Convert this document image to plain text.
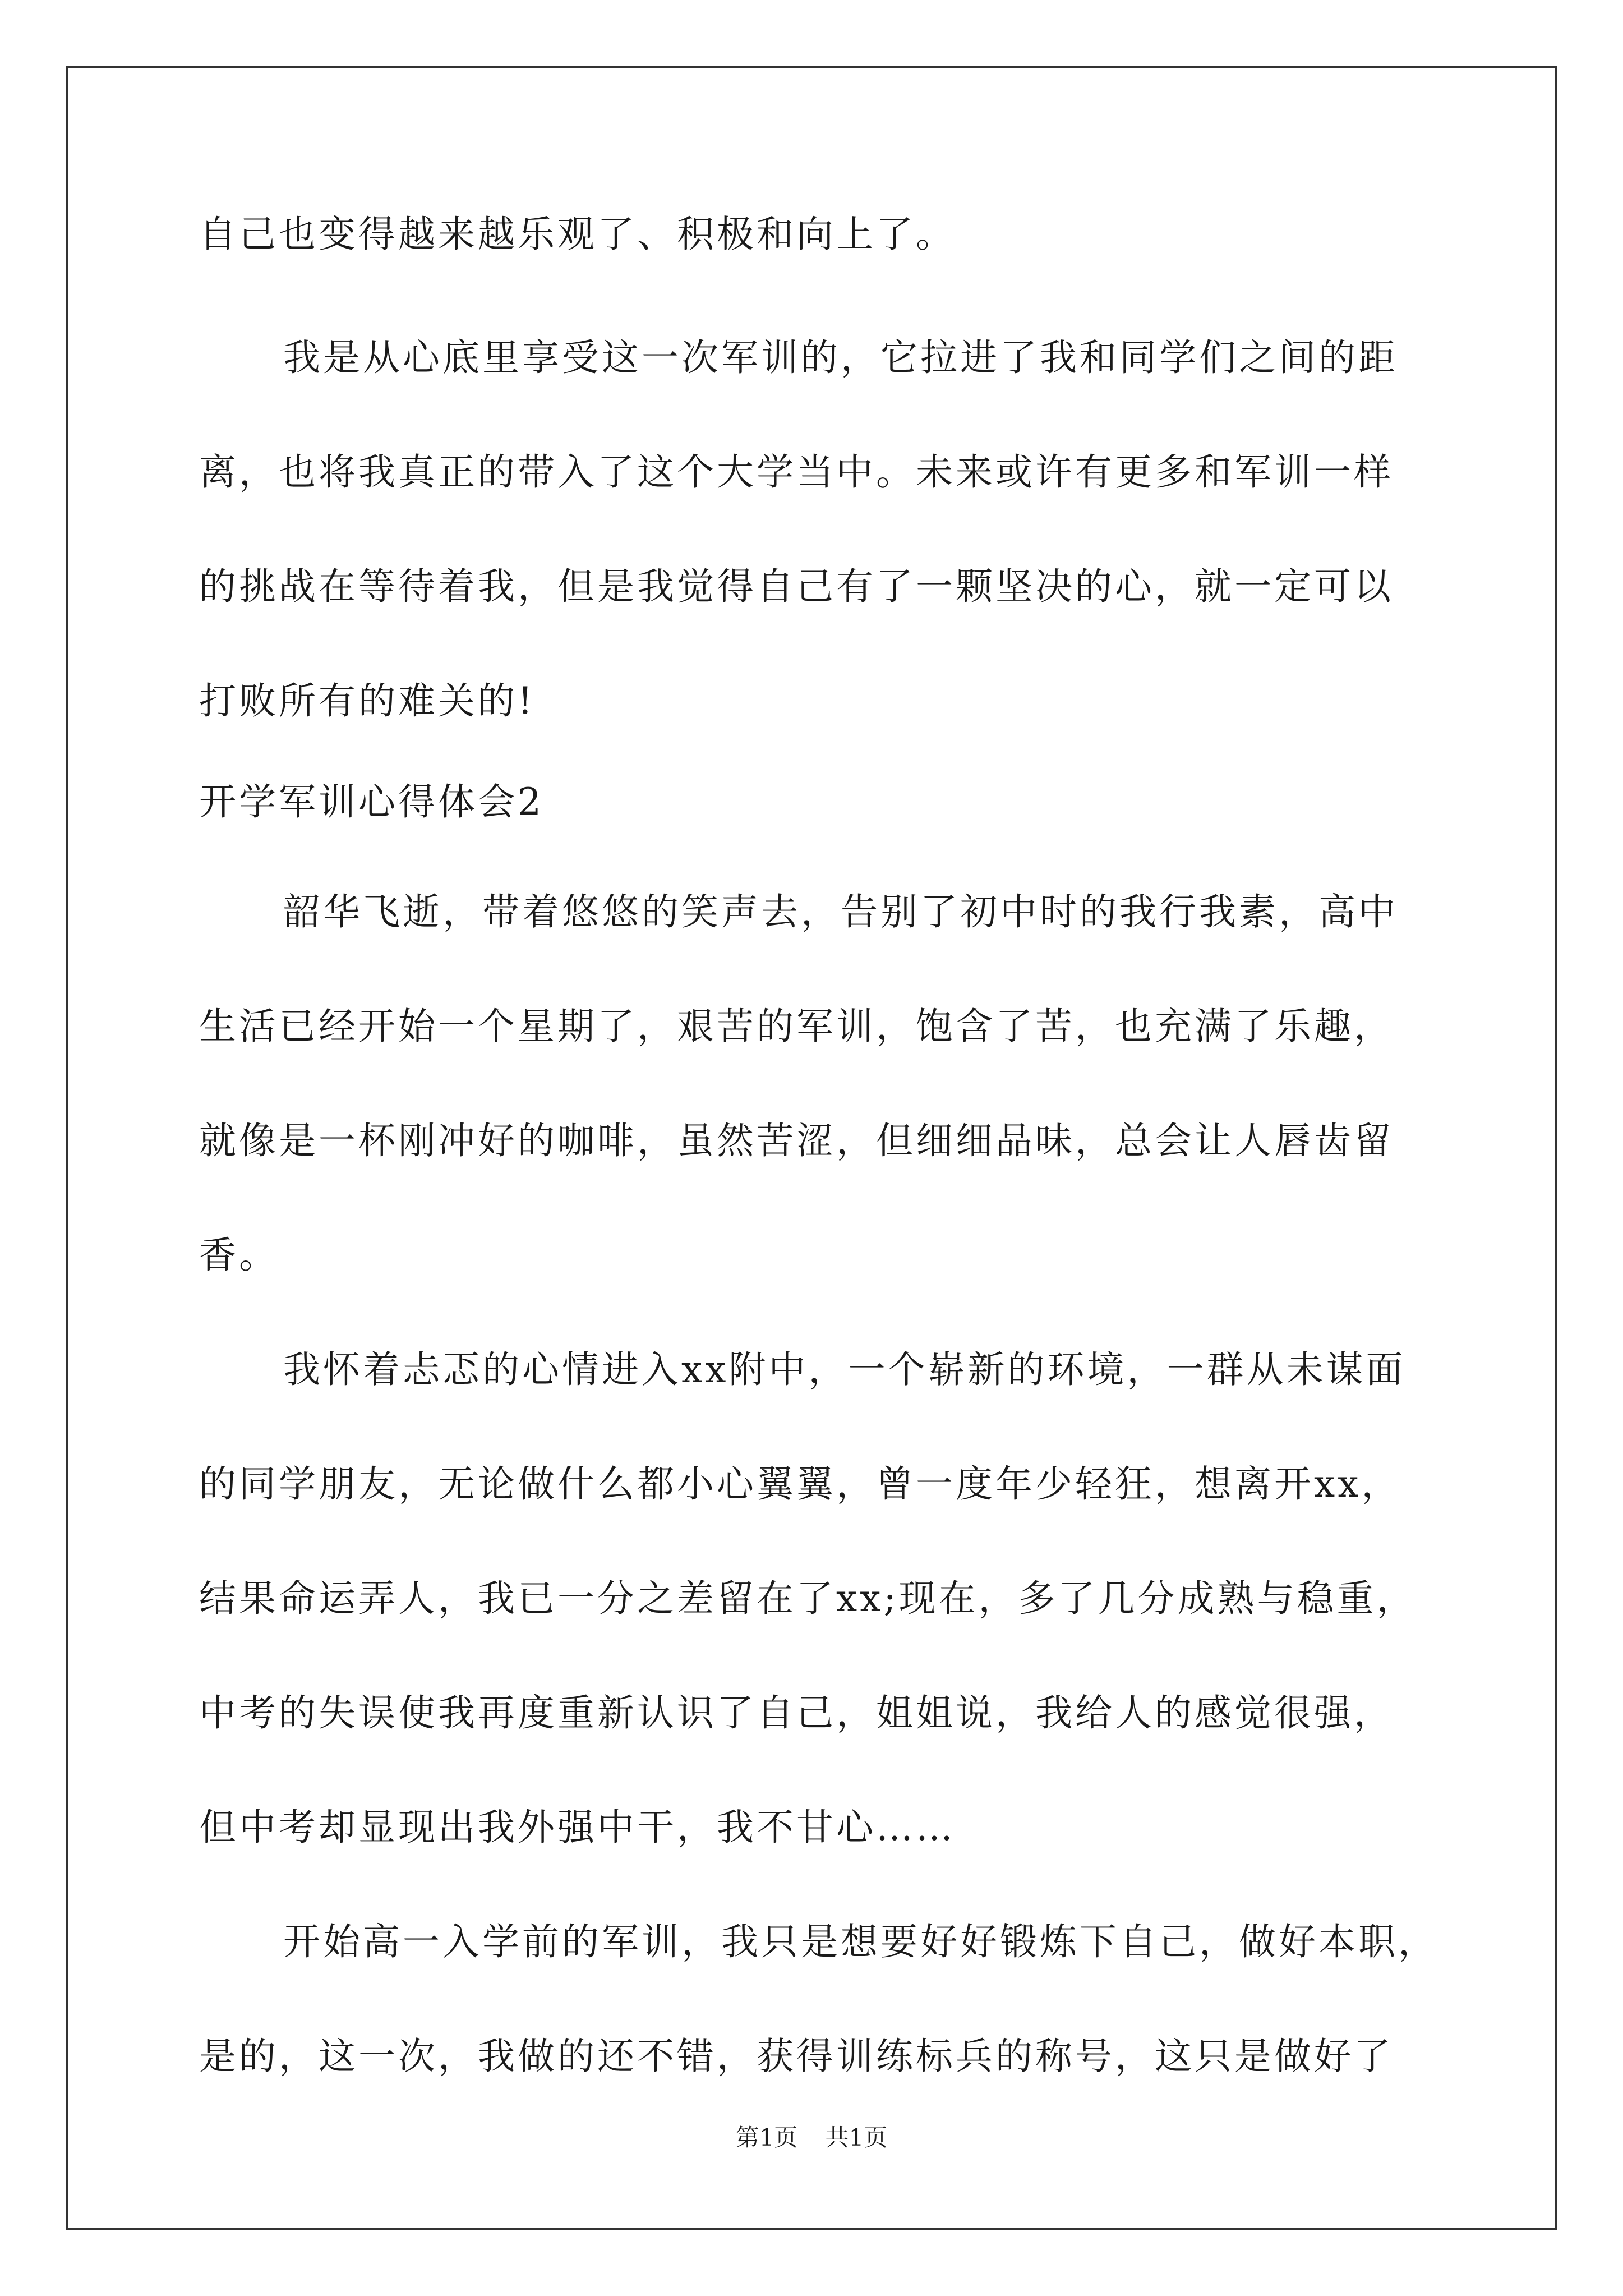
自己也变得越来越乐观了、积极和向上了。
我是从心底里享受这一次军训的，它拉进了我和同学们之间的距
离，也将我真正的带入了这个大学当中。未来或许有更多和军训一样
的挑战在等待着我，但是我觉得自己有了一颗坚决的心，就一定可以
打败所有的难关的!
开学军训心得体会2
韶华飞逝，带着悠悠的笑声去，告别了初中时的我行我素，高中
生活已经开始一个星期了，艰苦的军训，饱含了苦，也充满了乐趣，
就像是一杯刚冲好的咖啡，虽然苦涩，但细细品味，总会让人唇齿留
香。
我怀着忐忑的心情进入xx附中，一个崭新的环境，一群从未谋面
的同学朋友，无论做什么都小心翼翼，曾一度年少轻狂，想离开xx，
结果命运弄人，我已一分之差留在了xx;现在，多了几分成熟与稳重，
中考的失误使我再度重新认识了自己，姐姐说，我给人的感觉很强，
但中考却显现出我外强中干，我不甘心……
开始高一入学前的军训，我只是想要好好锻炼下自己，做好本职，
是的，这一次，我做的还不错，获得训练标兵的称号，这只是做好了
第1页 共1页
